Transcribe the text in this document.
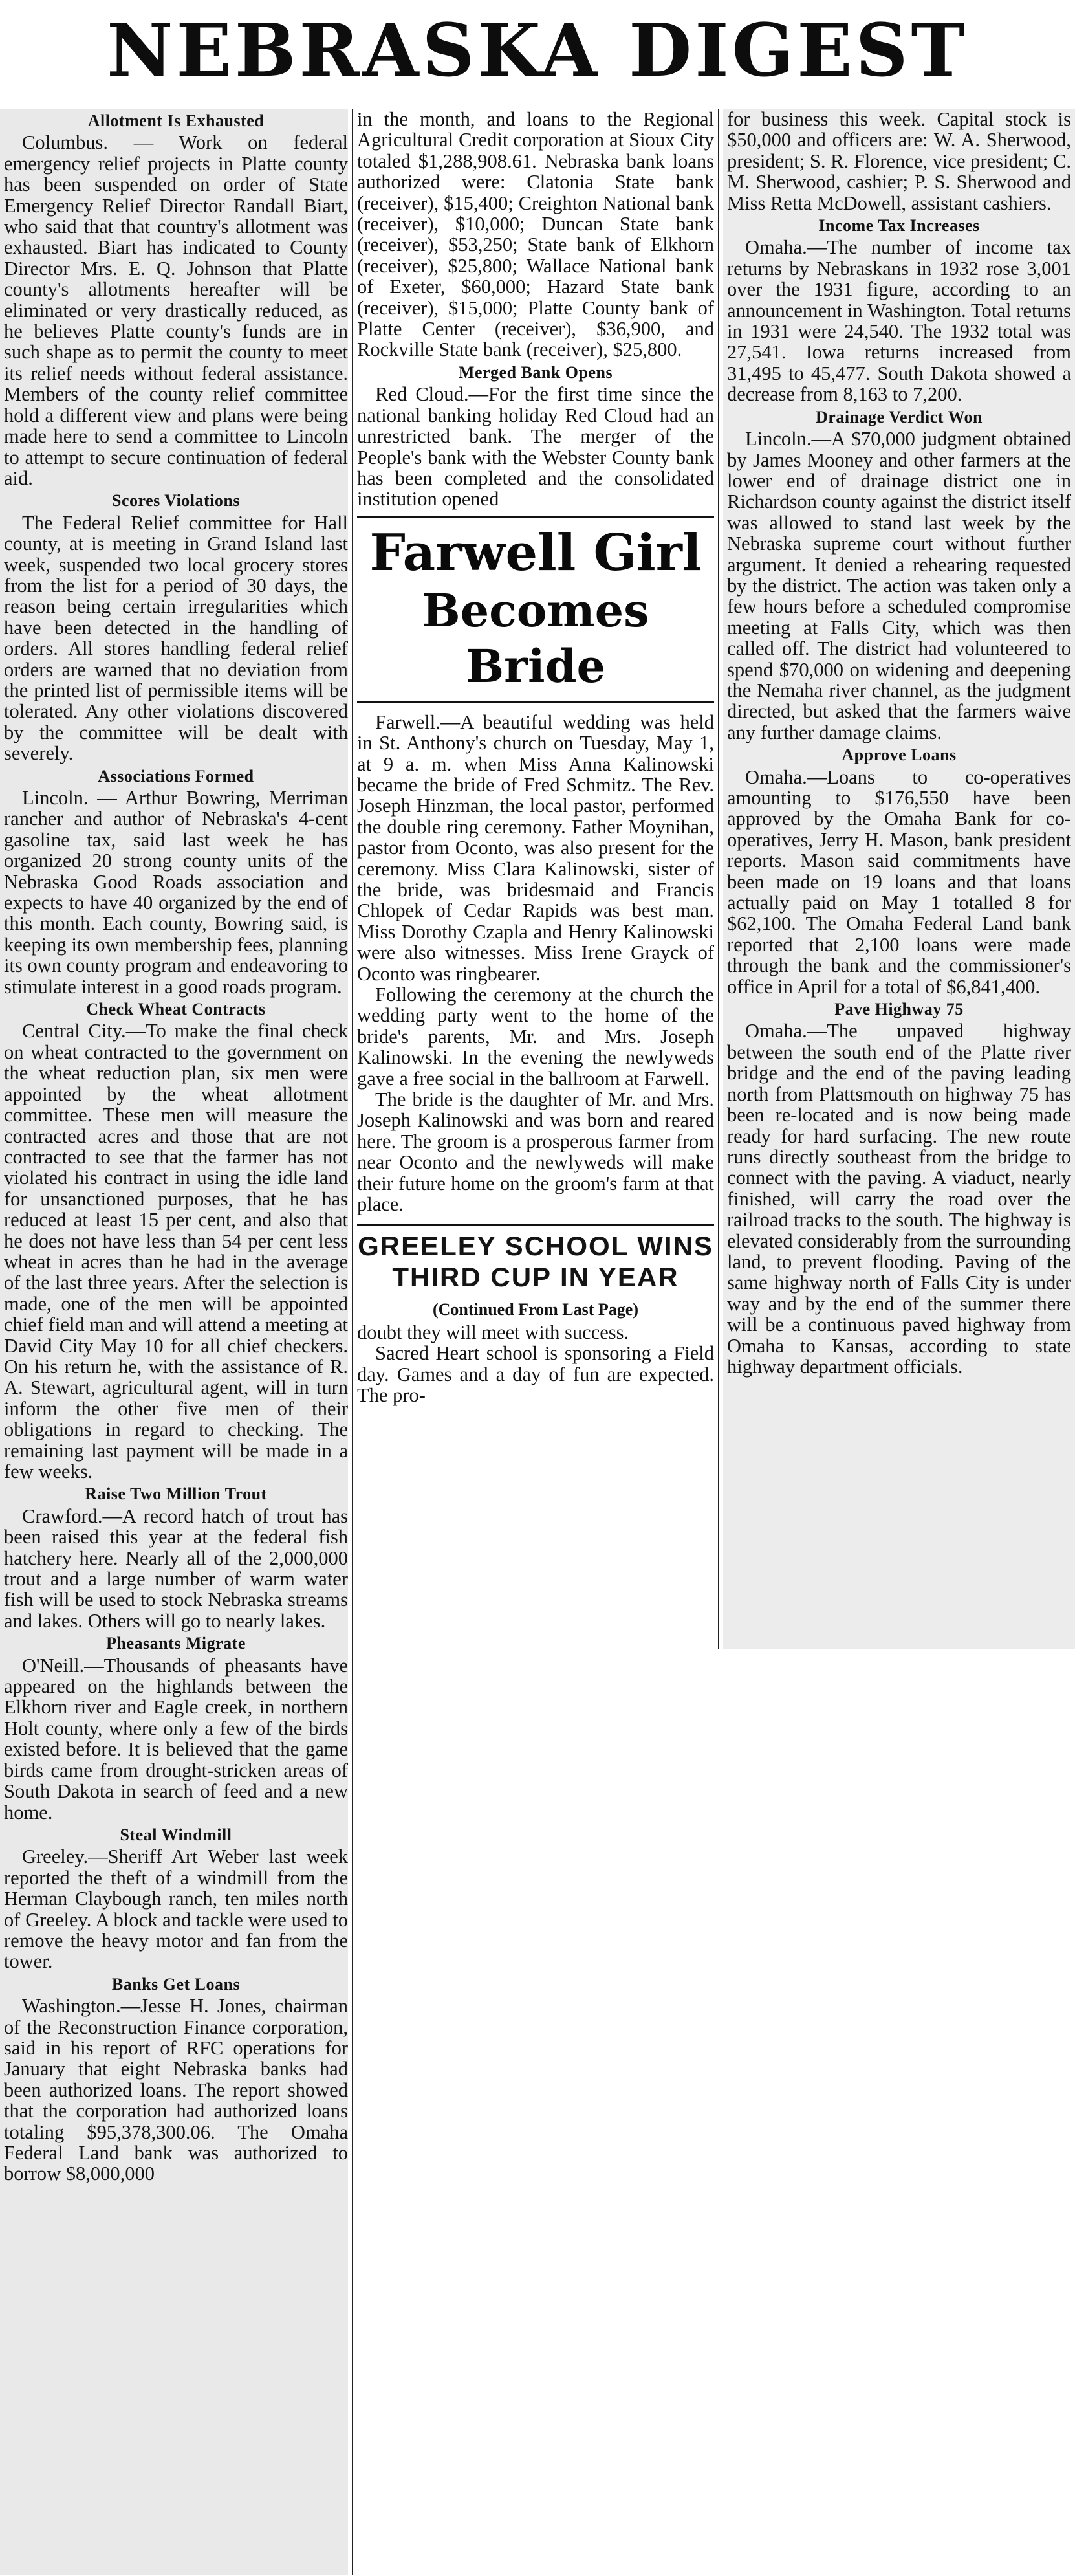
NEBRASKA DIGEST
Allotment Is Exhausted

Columbus. — Work on federal emergency relief projects in Platte county has been suspended on order of State Emergency Relief Director Randall Biart, who said that that country's allotment was exhausted. Biart has indicated to County Director Mrs. E. Q. Johnson that Platte county's allotments hereafter will be eliminated or very drastically reduced, as he believes Platte county's funds are in such shape as to permit the county to meet its relief needs without federal assistance. Members of the county relief committee hold a different view and plans were being made here to send a committee to Lincoln to attempt to secure continuation of federal aid.

Scores Violations

The Federal Relief committee for Hall county, at is meeting in Grand Island last week, suspended two local grocery stores from the list for a period of 30 days, the reason being certain irregularities which have been detected in the handling of orders. All stores handling federal relief orders are warned that no deviation from the printed list of permissible items will be tolerated. Any other violations discovered by the committee will be dealt with severely.

Associations Formed

Lincoln. — Arthur Bowring, Merriman rancher and author of Nebraska's 4-cent gasoline tax, said last week he has organized 20 strong county units of the Nebraska Good Roads association and expects to have 40 organized by the end of this month. Each county, Bowring said, is keeping its own membership fees, planning its own county program and endeavoring to stimulate interest in a good roads program.

Check Wheat Contracts

Central City.—To make the final check on wheat contracted to the government on the wheat reduction plan, six men were appointed by the wheat allotment committee. These men will measure the contracted acres and those that are not contracted to see that the farmer has not violated his contract in using the idle land for unsanctioned purposes, that he has reduced at least 15 per cent, and also that he does not have less than 54 per cent less wheat in acres than he had in the average of the last three years. After the selection is made, one of the men will be appointed chief field man and will attend a meeting at David City May 10 for all chief checkers. On his return he, with the assistance of R. A. Stewart, agricultural agent, will in turn inform the other five men of their obligations in regard to checking. The remaining last payment will be made in a few weeks.

Raise Two Million Trout

Crawford.—A record hatch of trout has been raised this year at the federal fish hatchery here. Nearly all of the 2,000,000 trout and a large number of warm water fish will be used to stock Nebraska streams and lakes. Others will go to nearly lakes.

Pheasants Migrate

O'Neill.—Thousands of pheasants have appeared on the highlands between the Elkhorn river and Eagle creek, in northern Holt county, where only a few of the birds existed before. It is believed that the game birds came from drought-stricken areas of South Dakota in search of feed and a new home.

Steal Windmill

Greeley.—Sheriff Art Weber last week reported the theft of a windmill from the Herman Claybough ranch, ten miles north of Greeley. A block and tackle were used to remove the heavy motor and fan from the tower.

Banks Get Loans

Washington.—Jesse H. Jones, chairman of the Reconstruction Finance corporation, said in his report of RFC operations for January that eight Nebraska banks had been authorized loans. The report showed that the corporation had authorized loans totaling $95,378,300.06. The Omaha Federal Land bank was authorized to borrow $8,000,000

in the month, and loans to the Regional Agricultural Credit corporation at Sioux City totaled $1,288,908.61. Nebraska bank loans authorized were: Clatonia State bank (receiver), $15,400; Creighton National bank (receiver), $10,000; Duncan State bank (receiver), $53,250; State bank of Elkhorn (receiver), $25,800; Wallace National bank of Exeter, $60,000; Hazard State bank (receiver), $15,000; Platte County bank of Platte Center (receiver), $36,900, and Rockville State bank (receiver), $25,800.

Merged Bank Opens

Red Cloud.—For the first time since the national banking holiday Red Cloud had an unrestricted bank. The merger of the People's bank with the Webster County bank has been completed and the consolidated institution opened

Farwell Girl
Becomes Bride

Farwell.—A beautiful wedding was held in St. Anthony's church on Tuesday, May 1, at 9 a. m. when Miss Anna Kalinowski became the bride of Fred Schmitz. The Rev. Joseph Hinzman, the local pastor, performed the double ring ceremony. Father Moynihan, pastor from Oconto, was also present for the ceremony. Miss Clara Kalinowski, sister of the bride, was bridesmaid and Francis Chlopek of Cedar Rapids was best man. Miss Dorothy Czapla and Henry Kalinowski were also witnesses. Miss Irene Grayck of Oconto was ringbearer.

Following the ceremony at the church the wedding party went to the home of the bride's parents, Mr. and Mrs. Joseph Kalinowski. In the evening the newlyweds gave a free social in the ballroom at Farwell.

The bride is the daughter of Mr. and Mrs. Joseph Kalinowski and was born and reared here. The groom is a prosperous farmer from near Oconto and the newlyweds will make their future home on the groom's farm at that place.

GREELEY SCHOOL WINS THIRD CUP IN YEAR
(Continued From Last Page)

doubt they will meet with success.

Sacred Heart school is sponsoring a Field day. Games and a day of fun are expected. The pro-

for business this week. Capital stock is $50,000 and officers are: W. A. Sherwood, president; S. R. Florence, vice president; C. M. Sherwood, cashier; P. S. Sherwood and Miss Retta McDowell, assistant cashiers.

Income Tax Increases

Omaha.—The number of income tax returns by Nebraskans in 1932 rose 3,001 over the 1931 figure, according to an announcement in Washington. Total returns in 1931 were 24,540. The 1932 total was 27,541. Iowa returns increased from 31,495 to 45,477. South Dakota showed a decrease from 8,163 to 7,200.

Drainage Verdict Won

Lincoln.—A $70,000 judgment obtained by James Mooney and other farmers at the lower end of drainage district one in Richardson county against the district itself was allowed to stand last week by the Nebraska supreme court without further argument. It denied a rehearing requested by the district. The action was taken only a few hours before a scheduled compromise meeting at Falls City, which was then called off. The district had volunteered to spend $70,000 on widening and deepening the Nemaha river channel, as the judgment directed, but asked that the farmers waive any further damage claims.

Approve Loans

Omaha.—Loans to co-operatives amounting to $176,550 have been approved by the Omaha Bank for co-operatives, Jerry H. Mason, bank president reports. Mason said commitments have been made on 19 loans and that loans actually paid on May 1 totalled 8 for $62,100. The Omaha Federal Land bank reported that 2,100 loans were made through the bank and the commissioner's office in April for a total of $6,841,400.

Pave Highway 75

Omaha.—The unpaved highway between the south end of the Platte river bridge and the end of the paving leading north from Plattsmouth on highway 75 has been re-located and is now being made ready for hard surfacing. The new route runs directly southeast from the bridge to connect with the paving. A viaduct, nearly finished, will carry the road over the railroad tracks to the south. The highway is elevated considerably from the surrounding land, to prevent flooding. Paving of the same highway north of Falls City is under way and by the end of the summer there will be a continuous paved highway from Omaha to Kansas, according to state highway department officials.
